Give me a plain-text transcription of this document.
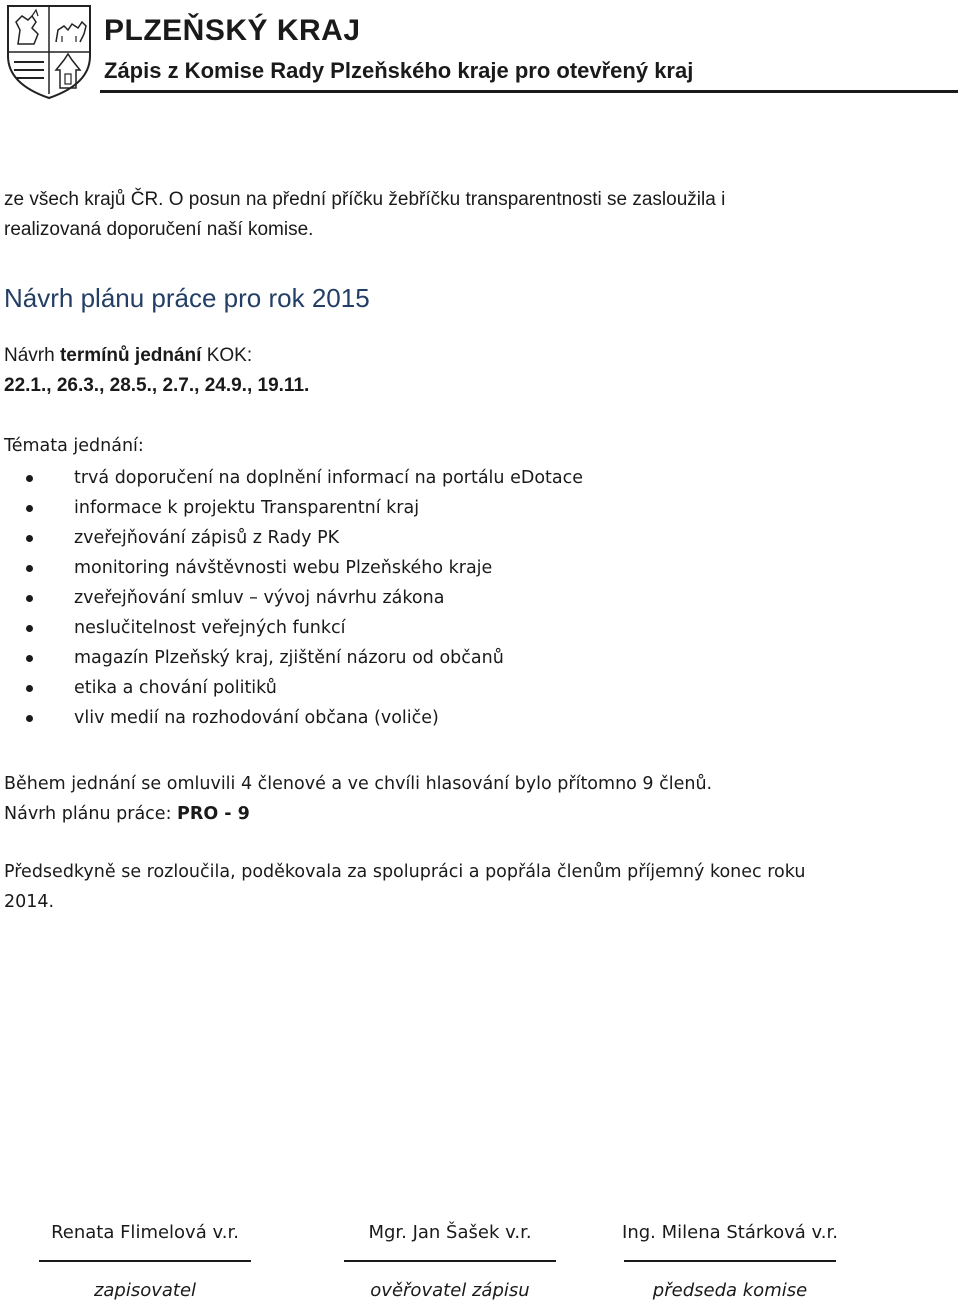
PLZEŇSKÝ KRAJ
Zápis z Komise Rady Plzeňského kraje pro otevřený kraj

ze všech krajů ČR. O posun na přední příčku žebříčku transparentnosti se zasloužila i

realizovaná doporučení naší komise.

Návrh plánu práce pro rok 2015

Návrh termínů jednání KOK:

22.1., 26.3., 28.5., 2.7., 24.9., 19.11.

Témata jednání:

trvá doporučení na doplnění informací na portálu eDotace
informace k projektu Transparentní kraj
zveřejňování zápisů z Rady PK
monitoring návštěvnosti webu Plzeňského kraje
zveřejňování smluv – vývoj návrhu zákona
neslučitelnost veřejných funkcí
magazín Plzeňský kraj, zjištění názoru od občanů
etika a chování politiků
vliv medií na rozhodování občana (voliče)

Během jednání se omluvili 4 členové a ve chvíli hlasování bylo přítomno 9 členů.

Návrh plánu práce: PRO - 9

Předsedkyně se rozloučila, poděkovala za spolupráci a popřála členům příjemný konec roku

2014.

Renata Flimelová v.r.
zapisovatel
Mgr. Jan Šašek v.r.
ověřovatel zápisu
Ing. Milena Stárková v.r.
předseda komise
